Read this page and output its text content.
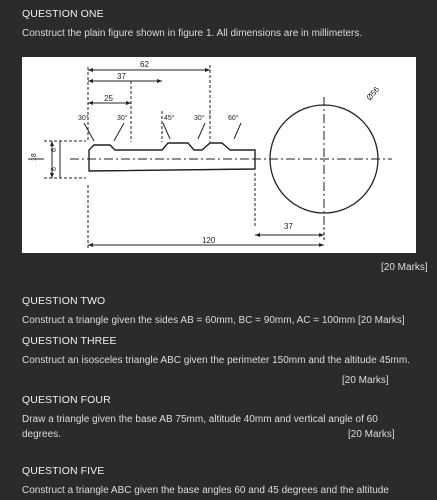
QUESTION ONE
Construct the plain figure shown in figure 1. All dimensions are in millimeters.
62
37
25
30°	30°	45°	30°	60°
Ø56
18
6
6
37
120
[20 Marks]
QUESTION TWO
Construct a triangle given the sides AB = 60mm, BC = 90mm, AC = 100mm [20 Marks]
QUESTION THREE
Construct an isosceles triangle ABC given the perimeter 150mm and the altitude 45mm.
[20 Marks]
QUESTION FOUR
Draw a triangle given the base AB 75mm, altitude 40mm and vertical angle of 60
degrees.	[20 Marks]
QUESTION FIVE
Construct a triangle ABC given the base angles 60 and 45 degrees and the altitude
